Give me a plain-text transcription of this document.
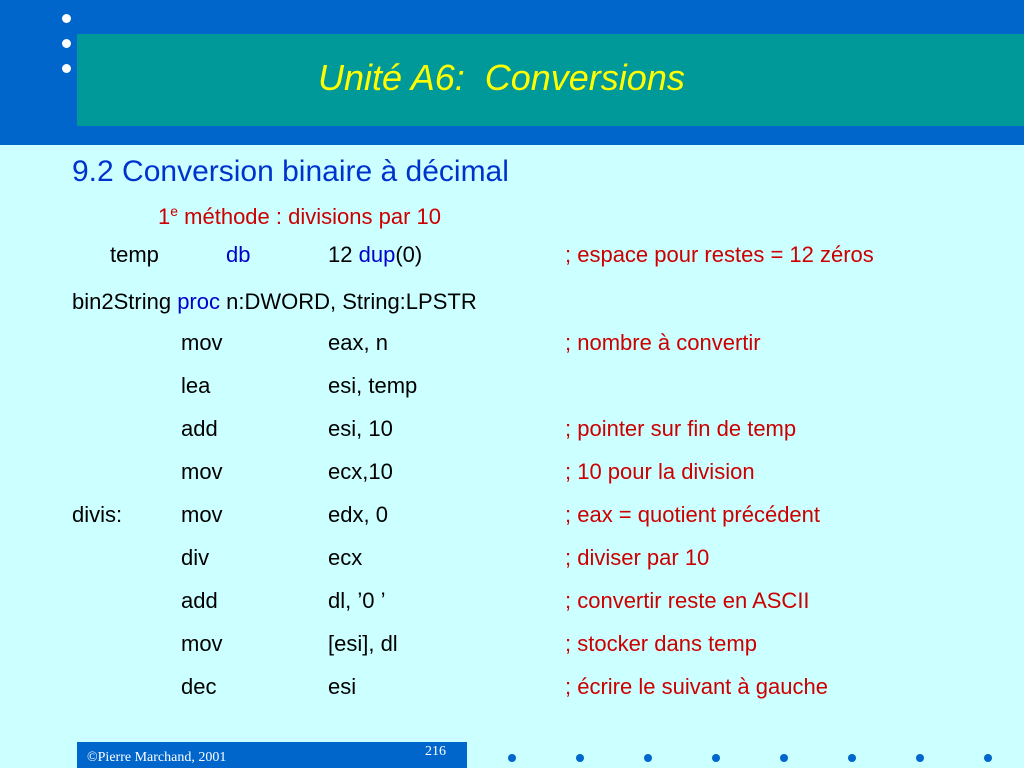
Unité A6:  Conversions
9.2 Conversion binaire à décimal
1e méthode : divisions par 10
temp	db	12 dup(0)	; espace pour restes = 12 zéros
bin2String proc n:DWORD, String:LPSTR
mov	eax, n	; nombre à convertir
lea	esi, temp
add	esi, 10	; pointer sur fin de temp
mov	ecx,10	; 10 pour la division
divis:	mov	edx, 0	; eax = quotient précédent
div	ecx	; diviser par 10
add	dl, ’0 ’	; convertir reste en ASCII
mov	[esi], dl	; stocker dans temp
dec	esi	; écrire le suivant à gauche
©Pierre Marchand, 2001	216
